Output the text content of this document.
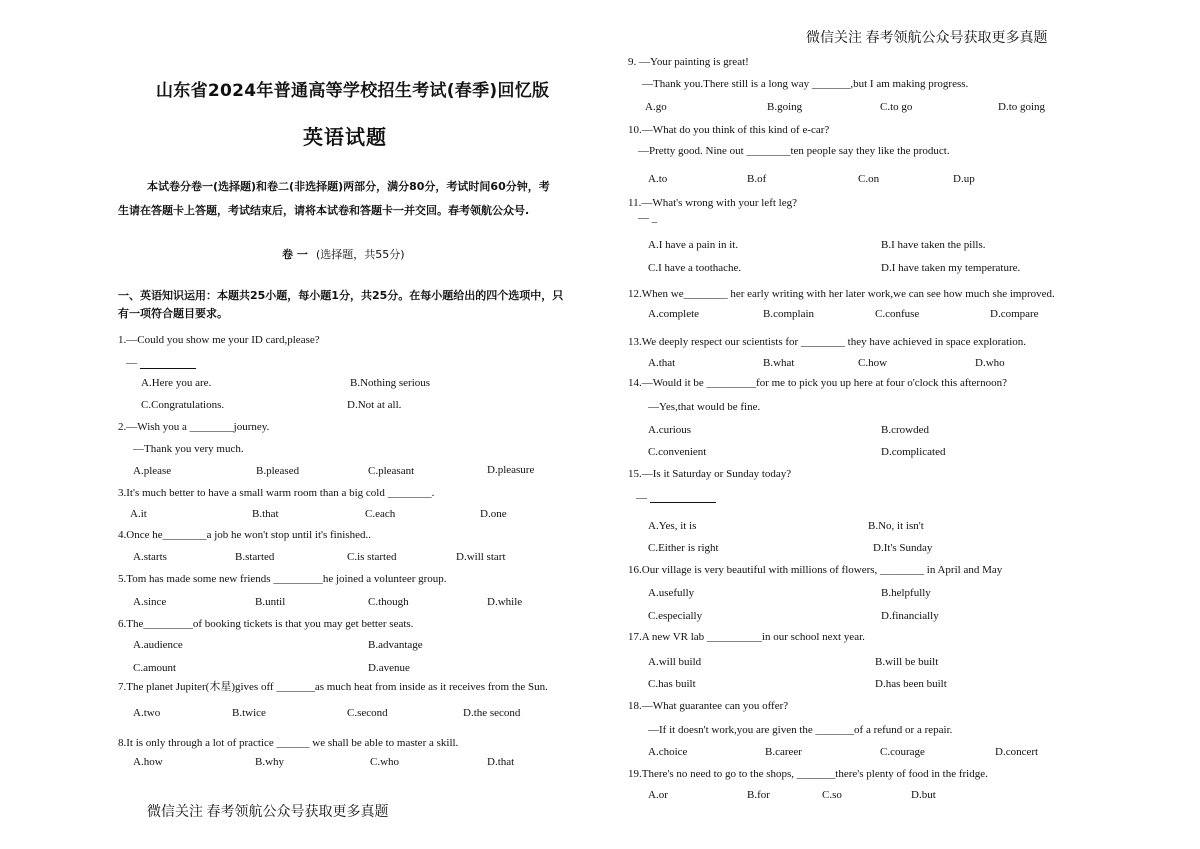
微信关注 春考领航公众号获取更多真题
微信关注 春考领航公众号获取更多真题
山东省2024年普通高等学校招生考试(春季)回忆版
英语试题
本试卷分卷一(选择题)和卷二(非选择题)两部分，满分80分，考试时间60分钟，考
生请在答题卡上答题，考试结束后，请将本试卷和答题卡一并交回。春考领航公众号.
卷 一 (选择题，共55分)
一、英语知识运用：本题共25小题，每小题1分，共25分。在每小题给出的四个选项中，只
有一项符合题目要求。
1.—Could you show me your ID card,please?
—
A.Here you are.	B.Nothing serious
C.Congratulations.	D.Not at all.
2.—Wish you a ________journey.
—Thank you very much.
A.please	B.pleased	C.pleasant	D.pleasure
3.It's much better to have a small warm room than a big cold ________.
A.it	B.that	C.each	D.one
4.Once he________a job he won't stop until it's finished..
A.starts	B.started	C.is started	D.will start
5.Tom has made some new friends _________he joined a volunteer group.
A.since	B.until	C.though	D.while
6.The_________of booking tickets is that you may get better seats.
A.audience	B.advantage
C.amount	D.avenue
7.The planet Jupiter(木星)gives off _______as much heat from inside as it receives from the Sun.
A.two	B.twice	C.second	D.the second
8.It is only through a lot of practice ______ we shall be able to master a skill.
A.how	B.why	C.who	D.that
9. —Your painting is great!
—Thank you.There still is a long way _______,but I am making progress.
A.go	B.going	C.to go	D.to going
10.—What do you think of this kind of e-car?
—Pretty good. Nine out ________ten people say they like the product.
A.to	B.of	C.on	D.up
11.—What's wrong with your left leg?
— _
A.I have a pain in it.	B.I have taken the pills.
C.I have a toothache.	D.I have taken my temperature.
12.When we________ her early writing with her later work,we can see how much she improved.
A.complete	B.complain	C.confuse	D.compare
13.We deeply respect our scientists for ________ they have achieved in space exploration.
A.that	B.what	C.how	D.who
14.—Would it be _________for me to pick you up here at four o'clock this afternoon?
—Yes,that would be fine.
A.curious	B.crowded
C.convenient	D.complicated
15.—Is it Saturday or Sunday today?
—
A.Yes, it is	B.No, it isn't
C.Either is right	D.It's Sunday
16.Our village is very beautiful with millions of flowers, ________ in April and May
A.usefully	B.helpfully
C.especially	D.financially
17.A new VR lab __________in our school next year.
A.will build	B.will be built
C.has built	D.has been built
18.—What guarantee can you offer?
—If it doesn't work,you are given the _______of a refund or a repair.
A.choice	B.career	C.courage	D.concert
19.There's no need to go to the shops, _______there's plenty of food in the fridge.
A.or	B.for	C.so	D.but
